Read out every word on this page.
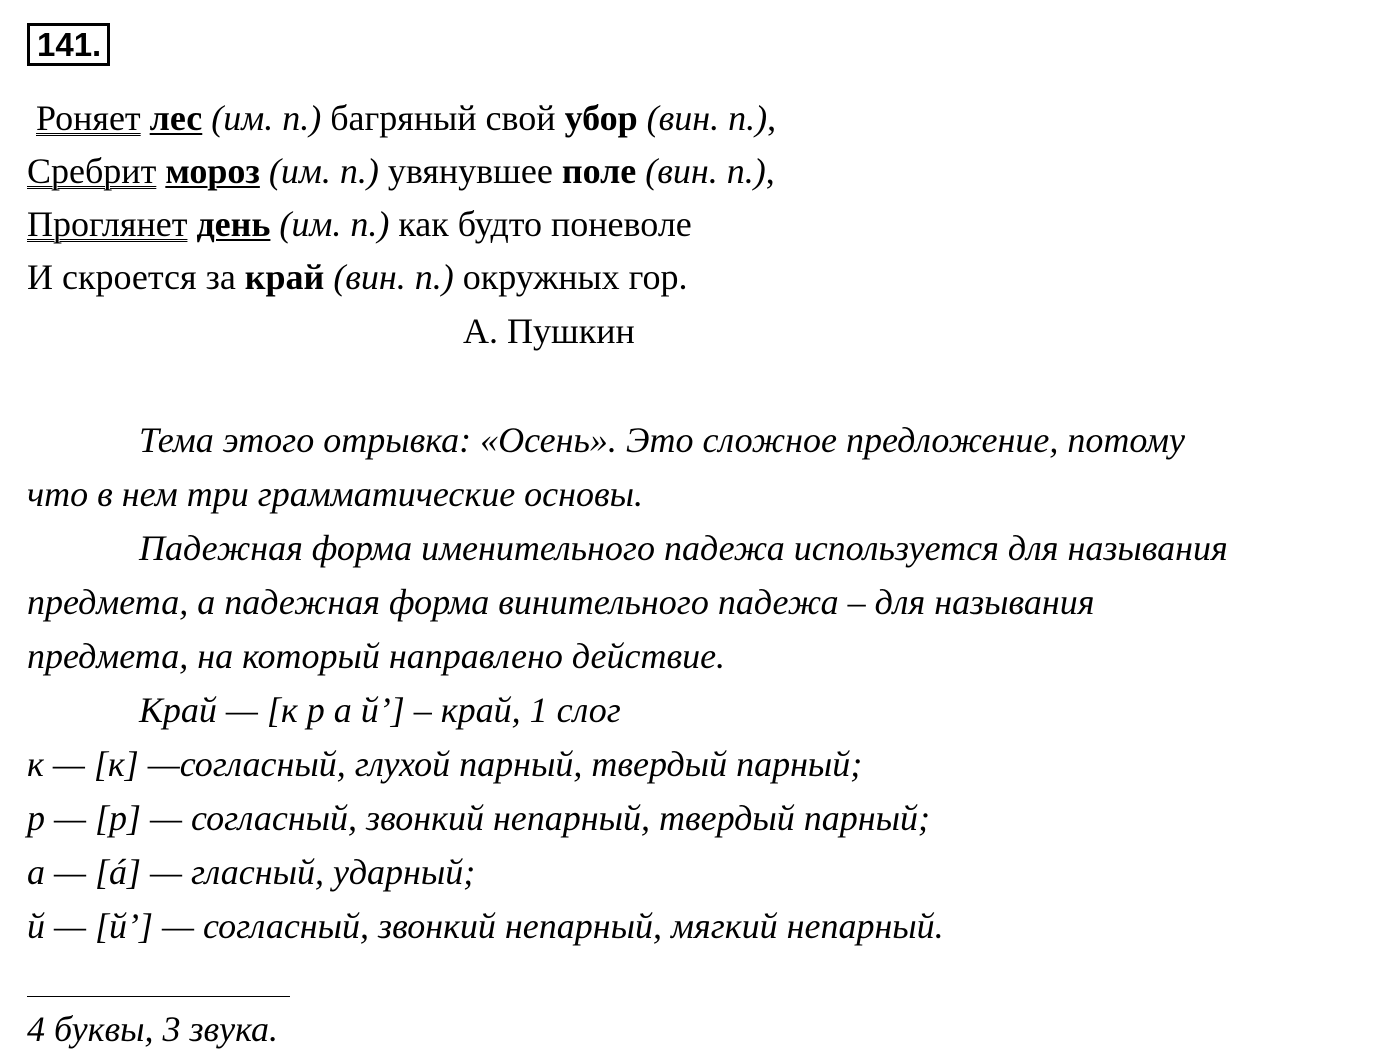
141.
Роняет лес (им. п.) багряный свой убор (вин. п.),
Сребрит мороз (им. п.) увянувшее поле (вин. п.),
Проглянет день (им. п.) как будто поневоле
И скроется за край (вин. п.) окружных гор.
А. Пушкин
Тема этого отрывка: «Осень». Это сложное предложение, потому
что в нем три грамматические основы.
Падежная форма именительного падежа используется для называния
предмета, а падежная форма винительного падежа – для называния
предмета, на который направлено действие.
Край — [к р а й’] – край, 1 слог
к — [к] —согласный, глухой парный, твердый парный;
р — [р] — согласный, звонкий непарный, твердый парный;
а — [á] — гласный, ударный;
й — [й’] — согласный, звонкий непарный, мягкий непарный.
4 буквы, 3 звука.
